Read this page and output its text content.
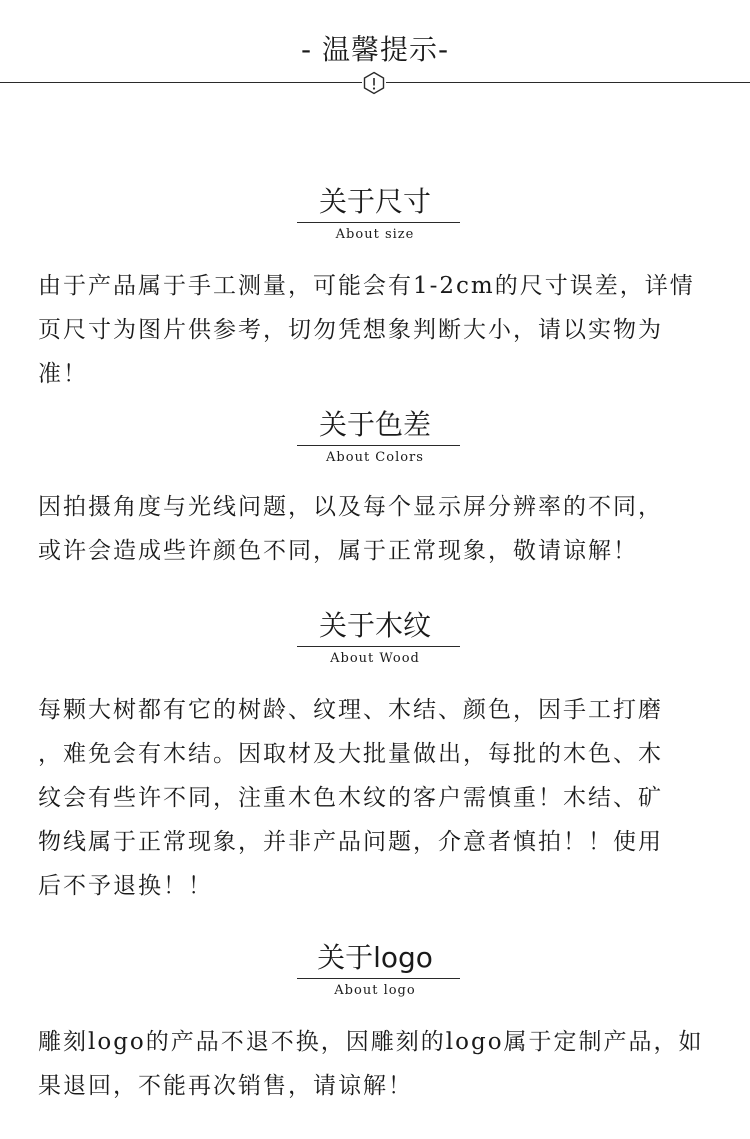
- 温馨提示-
关于尺寸
About size
由于产品属于手工测量，可能会有1-2cm的尺寸误差，详情
页尺寸为图片供参考，切勿凭想象判断大小，请以实物为
准！
关于色差
About Colors
因拍摄角度与光线问题，以及每个显示屏分辨率的不同，
或许会造成些许颜色不同，属于正常现象，敬请谅解！
关于木纹
About Wood
每颗大树都有它的树龄、纹理、木结、颜色，因手工打磨
，难免会有木结。因取材及大批量做出，每批的木色、木
纹会有些许不同，注重木色木纹的客户需慎重！木结、矿
物线属于正常现象，并非产品问题，介意者慎拍！！使用
后不予退换！！
关于logo
About logo
雕刻logo的产品不退不换，因雕刻的logo属于定制产品，如
果退回，不能再次销售，请谅解！
